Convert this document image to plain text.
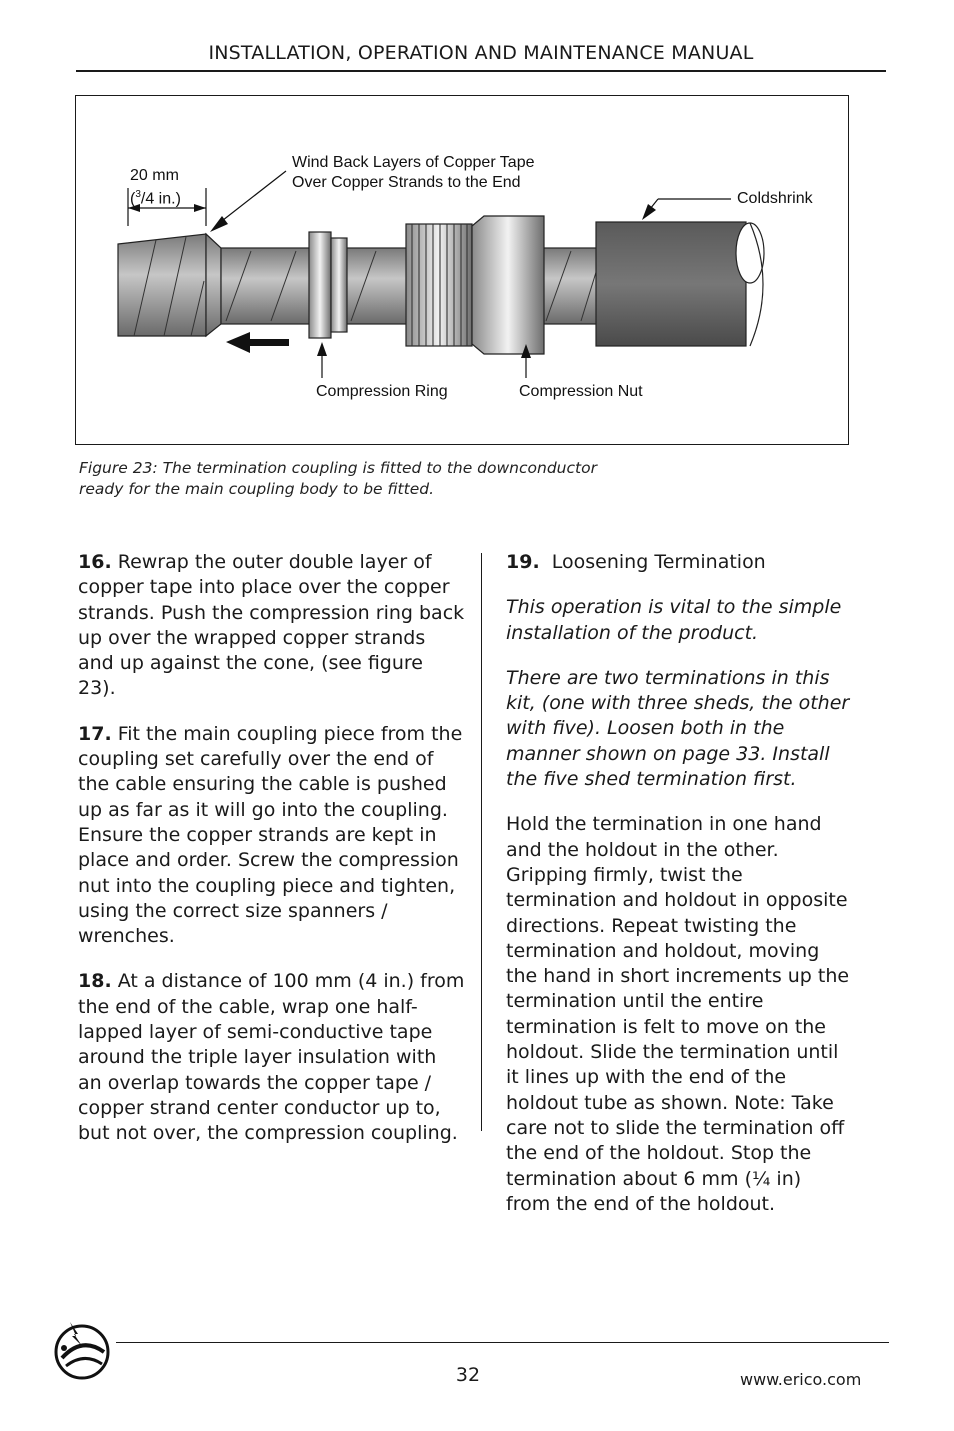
INSTALLATION, OPERATION AND MAINTENANCE MANUAL
20 mm
($^3$/4 in.)
Wind Back Layers of Copper Tape
Over Copper Strands to the End
Coldshrink
Compression Ring	Compression Nut
Figure 23: The termination coupling is fitted to the downconductor
ready for the main coupling body to be fitted.

16. Rewrap the outer double layer of copper tape into place over the copper strands. Push the compression ring back up over the wrapped copper strands and up against the cone, (see figure 23).

17. Fit the main coupling piece from the coupling set carefully over the end of the cable ensuring the cable is pushed up as far as it will go into the coupling. Ensure the copper strands are kept in place and order. Screw the compression nut into the coupling piece and tighten, using the correct size spanners / wrenches.

18. At a distance of 100 mm (4 in.) from the end of the cable, wrap one half-lapped layer of semi-conductive tape around the triple layer insulation with an overlap towards the copper tape / copper strand center conductor up to, but not over, the compression coupling.

19. Loosening Termination

This operation is vital to the simple installation of the product.

There are two terminations in this kit, (one with three sheds, the other with five). Loosen both in the manner shown on page 33. Install the five shed termination first.

Hold the termination in one hand and the holdout in the other. Gripping firmly, twist the termination and holdout in opposite directions. Repeat twisting the termination and holdout, moving the hand in short increments up the termination until the entire termination is felt to move on the holdout. Slide the termination until it lines up with the end of the holdout tube as shown. Note: Take care not to slide the termination off the end of the holdout. Stop the termination about 6 mm (¼ in) from the end of the holdout.

32	www.erico.com
